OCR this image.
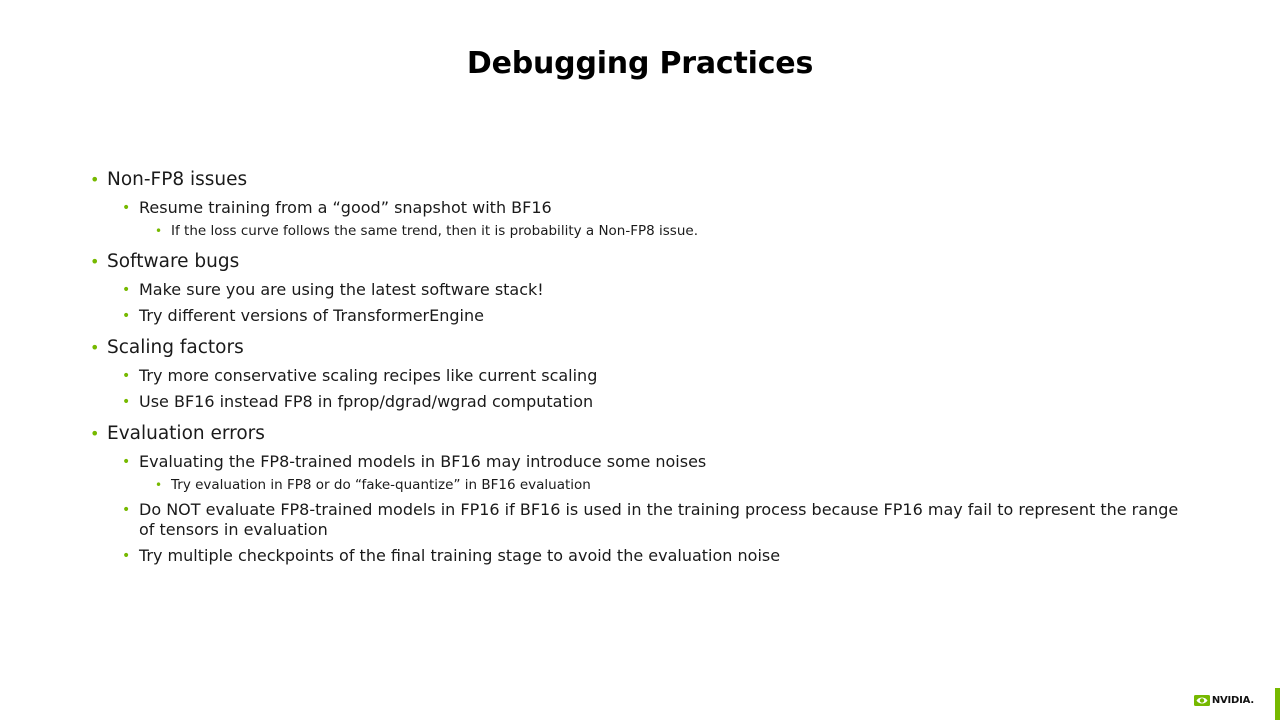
Debugging Practices
• Non-FP8 issues
• Resume training from a “good” snapshot with BF16
• If the loss curve follows the same trend, then it is probability a Non-FP8 issue.
• Software bugs
• Make sure you are using the latest software stack!
• Try different versions of TransformerEngine
• Scaling factors
• Try more conservative scaling recipes like current scaling
• Use BF16 instead FP8 in fprop/dgrad/wgrad computation
• Evaluation errors
• Evaluating the FP8-trained models in BF16 may introduce some noises
• Try evaluation in FP8 or do “fake-quantize” in BF16 evaluation
• Do NOT evaluate FP8-trained models in FP16 if BF16 is used in the training process because FP16 may fail to represent the range of tensors in evaluation
• Try multiple checkpoints of the final training stage to avoid the evaluation noise
NVIDIA.
